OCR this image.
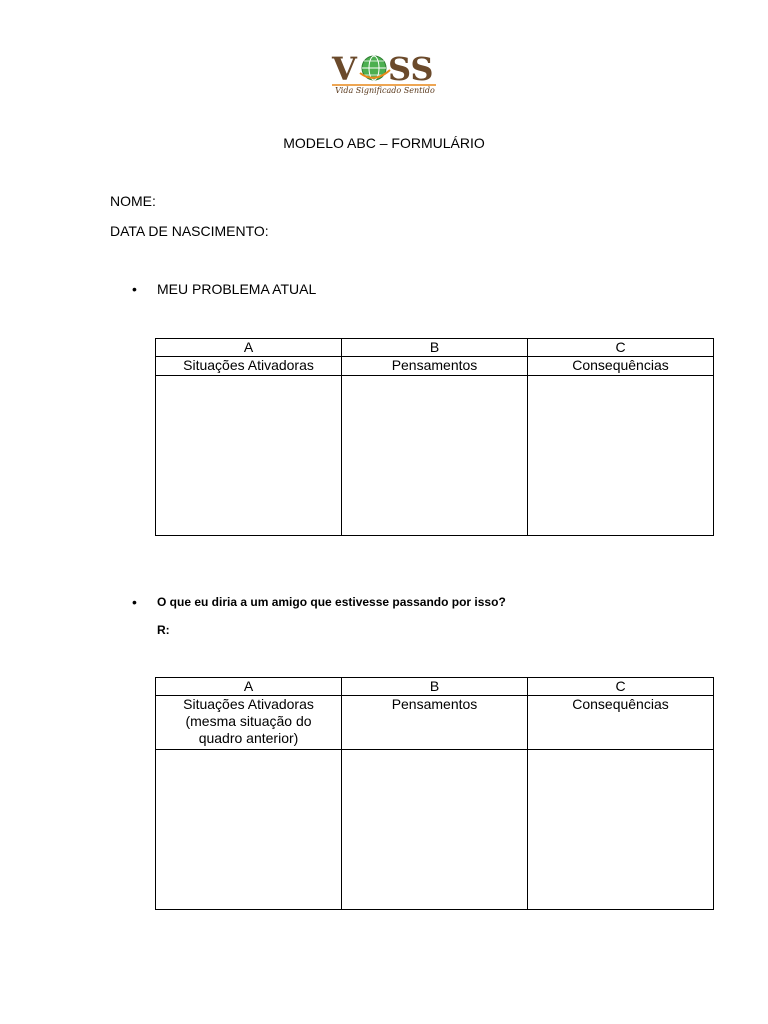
V SS
Vida Significado Sentido
MODELO ABC – FORMULÁRIO
NOME:
DATA DE NASCIMENTO:
• MEU PROBLEMA ATUAL
A	B	C
Situações Ativadoras	Pensamentos	Consequências

• O que eu diria a um amigo que estivesse passando por isso?
R:
A	B	C
Situações Ativadoras (mesma situação do quadro anterior)	Pensamentos	Consequências
